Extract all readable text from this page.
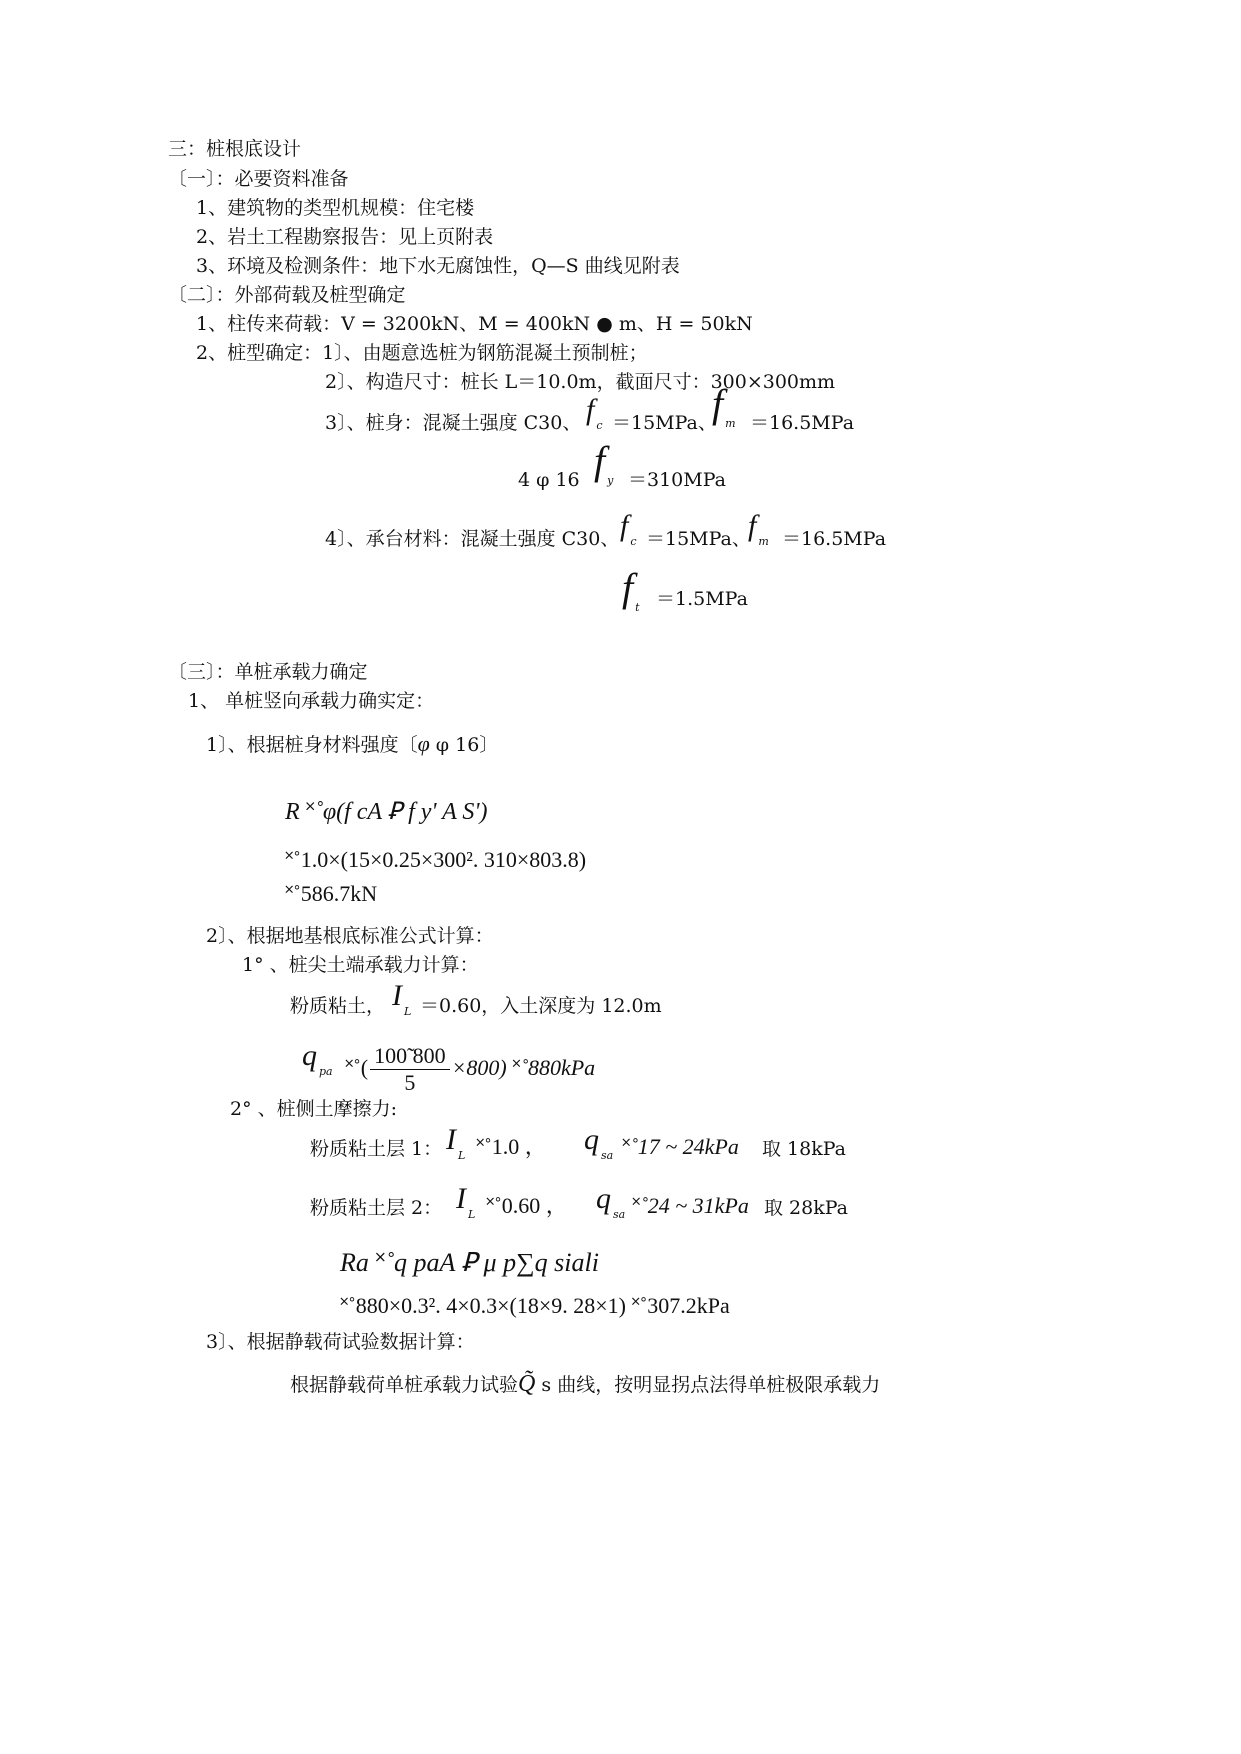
三：桩根底设计
〔一〕：必要资料准备
1、建筑物的类型机规模：住宅楼
2、岩土工程勘察报告：见上页附表
3、环境及检测条件：地下水无腐蚀性，Q—S 曲线见附表
〔二〕：外部荷载及桩型确定
1、柱传来荷载：V = 3200kN、M = 400kN ● m、H = 50kN
2、桩型确定：1〕、由题意选桩为钢筋混凝土预制桩；
2〕、构造尺寸：桩长 L＝10.0m，截面尺寸：300×300mm
3〕、桩身：混凝土强度 C30、 f $_c$ ＝15MPa、
f $_m$ ＝16.5MPa
4 φ 16 f $_y$ ＝310MPa
4〕、承台材料：混凝土强度 C30、 f $_c$ ＝15MPa、
f $_m$ ＝16.5MPa
f $_t$ ＝1.5MPa
〔三〕：单桩承载力确定
1、 单桩竖向承载力确实定：
1〕、根据桩身材料强度〔φ φ 16〕
R ˟˚φ(f cA Ꝑ f y' A S')
˟˚1.0×(15×0.25×300². 310×803.8)
˟˚586.7kN
2〕、根据地基根底标准公式计算：
1° 、桩尖土端承载力计算：
粉质粘土， I $_L$ ＝0.60，入土深度为 12.0m
q $_{pa}$ ˟˚( $\frac{100̃ 800}{5} \times 800$) ˟˚880kPa
2° 、桩侧土摩擦力:
粉质粘土层 1： I $_L$ ˟˚1.0 ， q $_{sa}$ ˟˚17 ~ 24kPa 取 18kPa
粉质粘土层 2： I $_L$ ˟˚0.60 ， q $_{sa}$ ˟˚24 ~ 31kPa 取 28kPa
Ra ˟˚q paA Ꝑ μ p∑q siali
˟˚880×0.3². 4×0.3×(18×9. 28×1) ˟˚307.2kPa
3〕、根据静载荷试验数据计算：
根据静载荷单桩承载力试验Q̃ s 曲线，按明显拐点法得单桩极限承载力
